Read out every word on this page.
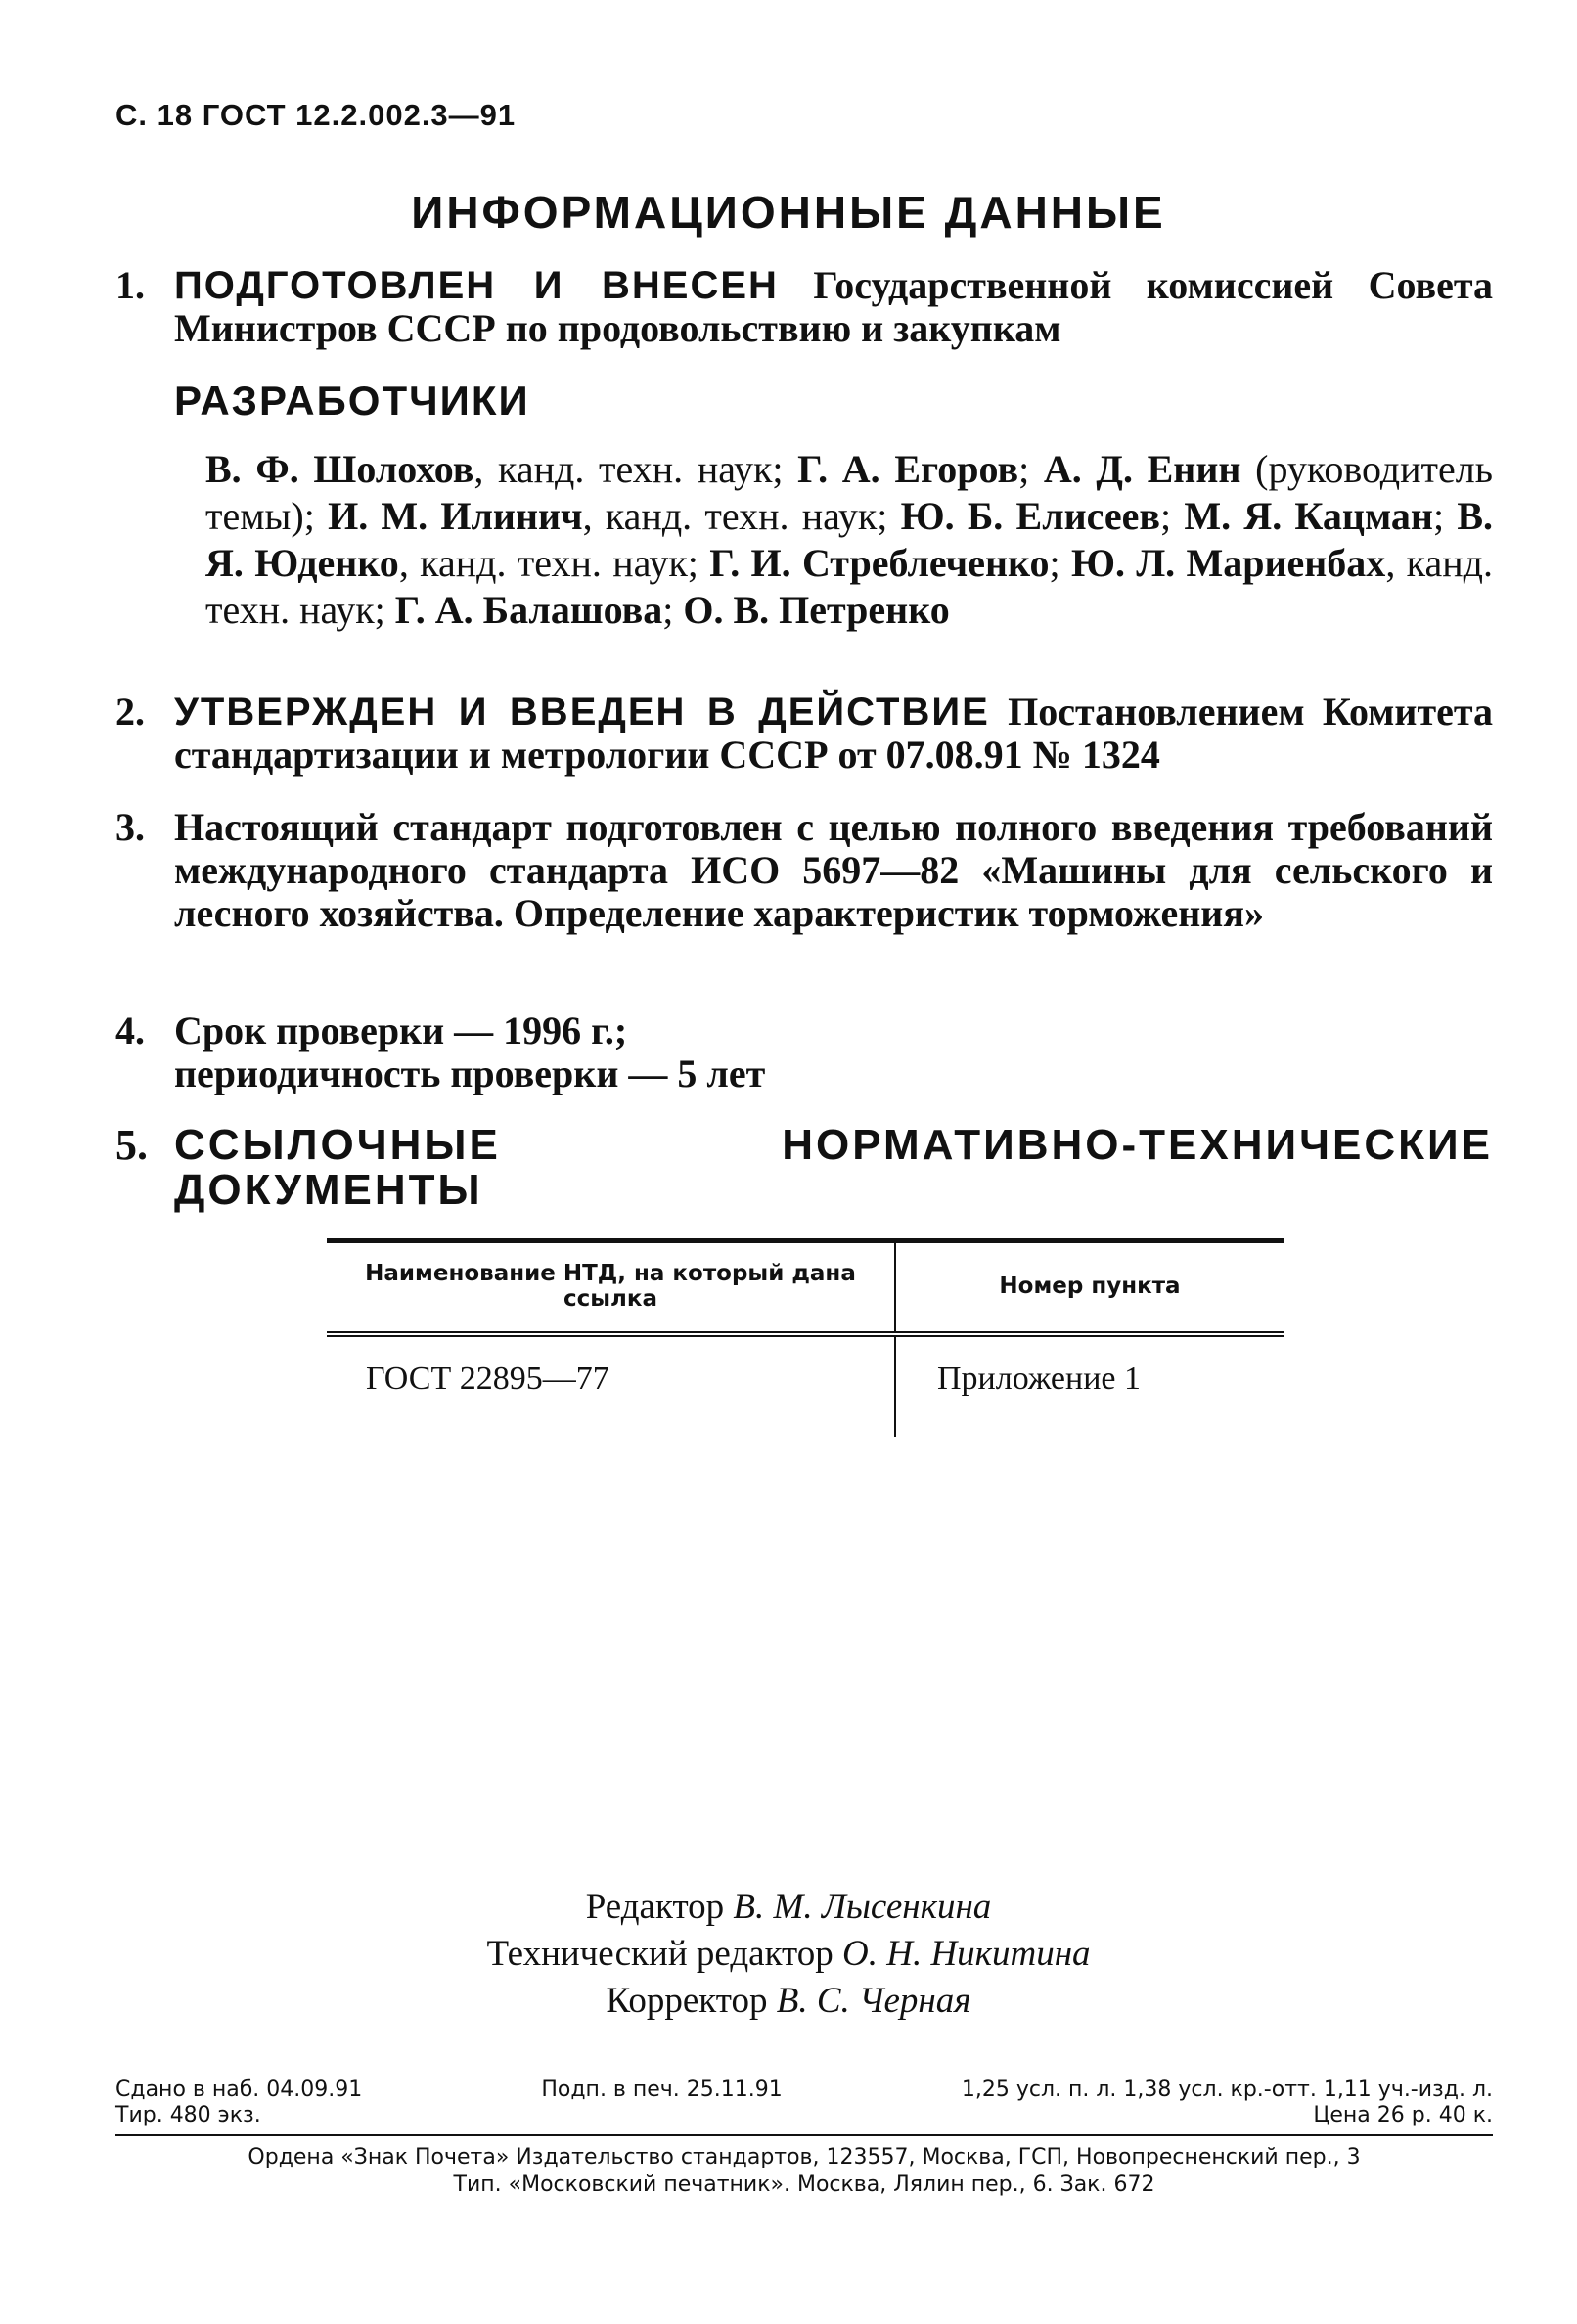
С. 18 ГОСТ 12.2.002.3—91
ИНФОРМАЦИОННЫЕ ДАННЫЕ
1. ПОДГОТОВЛЕН И ВНЕСЕН Государственной комиссией Совета Министров СССР по продовольствию и закупкам
РАЗРАБОТЧИКИ
В. Ф. Шолохов, канд. техн. наук; Г. А. Егоров; А. Д. Енин (руководитель темы); И. М. Илинич, канд. техн. наук; Ю. Б. Елисеев; М. Я. Кацман; В. Я. Юденко, канд. техн. наук; Г. И. Стреблеченко; Ю. Л. Мариенбах, канд. техн. наук; Г. А. Балашова; О. В. Петренко
2. УТВЕРЖДЕН И ВВЕДЕН В ДЕЙСТВИЕ Постановлением Комитета стандартизации и метрологии СССР от 07.08.91 № 1324
3. Настоящий стандарт подготовлен с целью полного введения требований международного стандарта ИСО 5697—82 «Машины для сельского и лесного хозяйства. Определение характеристик торможения»
4. Срок проверки — 1996 г.;
периодичность проверки — 5 лет
5. ССЫЛОЧНЫЕ НОРМАТИВНО-ТЕХНИЧЕСКИЕ ДОКУМЕНТЫ
Наименование НТД, на который дана ссылка	Номер пункта
ГОСТ 22895—77	Приложение 1
Редактор В. М. Лысенкина
Технический редактор О. Н. Никитина
Корректор В. С. Черная
Сдано в наб. 04.09.91	Подп. в печ. 25.11.91	1,25 усл. п. л. 1,38 усл. кр.-отт. 1,11 уч.-изд. л.
Тир. 480 экз.	Цена 26 р. 40 к.
Ордена «Знак Почета» Издательство стандартов, 123557, Москва, ГСП, Новопресненский пер., 3
Тип. «Московский печатник». Москва, Лялин пер., 6. Зак. 672
